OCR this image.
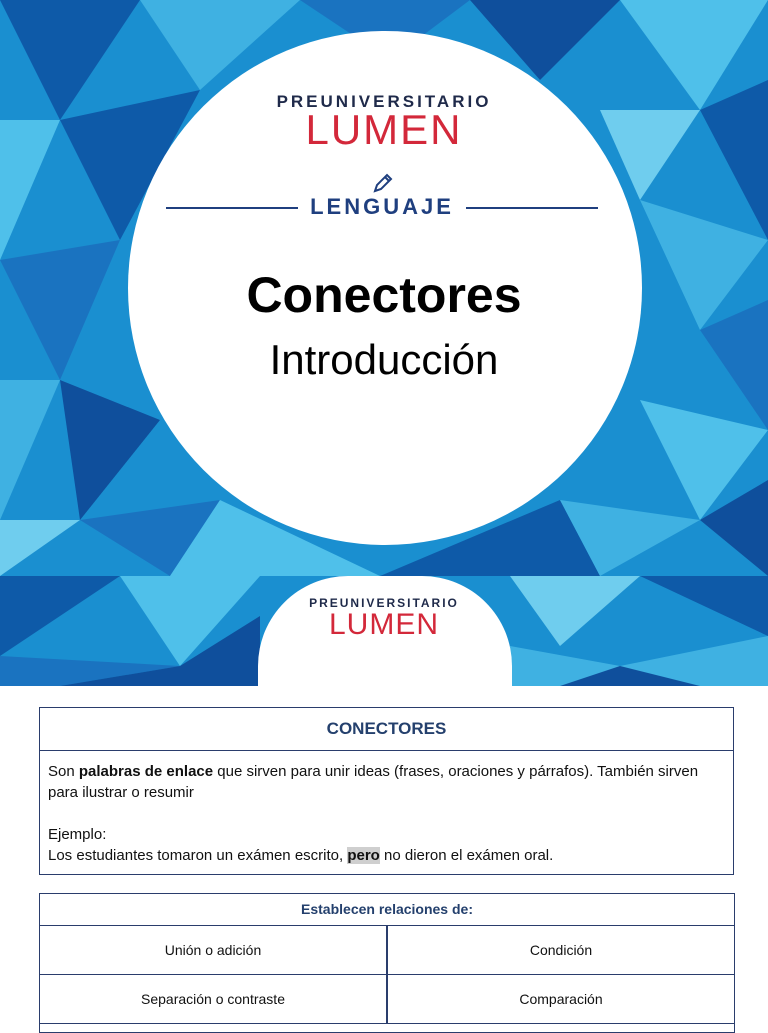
PREUNIVERSITARIO
LUMEN
LENGUAJE
Conectores
Introducción
PREUNIVERSITARIO
LUMEN
CONECTORES
Son palabras de enlace que sirven para unir ideas (frases, oraciones y párrafos). También sirven para ilustrar o resumir
Ejemplo:
Los estudiantes tomaron un exámen escrito, pero no dieron el exámen oral.
Establecen relaciones de:
Unión o adición	Condición
Separación o contraste	Comparación
